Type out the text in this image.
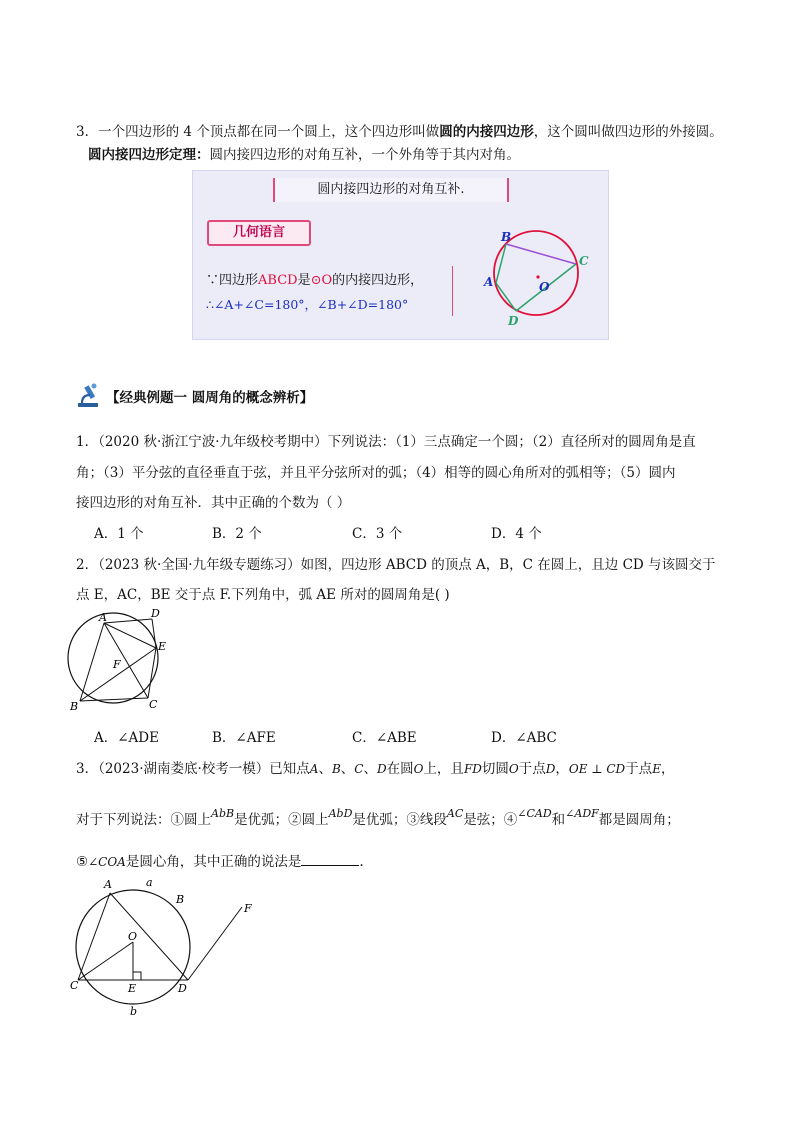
3．一个四边形的 4 个顶点都在同一个圆上，这个四边形叫做圆的内接四边形，这个圆叫做四边形的外接圆。
圆内接四边形定理：圆内接四边形的对角互补，一个外角等于其内对角。
圆内接四边形的对角互补.
几何语言
∵四边形ABCD是⊙O的内接四边形，
∴∠A+∠C=180°，∠B+∠D=180°
B
C
A
D
O
【经典例题一 圆周角的概念辨析】
1．（2020 秋·浙江宁波·九年级校考期中）下列说法：（1）三点确定一个圆；（2）直径所对的圆周角是直
角；（3）平分弦的直径垂直于弦，并且平分弦所对的弧；（4）相等的圆心角所对的弧相等；（5）圆内
接四边形的对角互补．其中正确的个数为（ ）
A．1 个	B．2 个	C．3 个	D．4 个
2．（2023 秋·全国·九年级专题练习）如图，四边形 ABCD 的顶点 A，B，C 在圆上，且边 CD 与该圆交于
点 E，AC，BE 交于点 F.下列角中，弧 AE 所对的圆周角是( )
A	D
E
F
B	C
A．∠ADE	B．∠AFE	C．∠ABE	D．∠ABC
3．（2023·湖南娄底·校考一模）已知点A、B、C、D在圆O上，且FD切圆O于点D，OE ⊥ CD于点E，
对于下列说法：①圆上$^{AbB}$是优弧；②圆上$^{AbD}$是优弧；③线段$^{AC}$是弦；④$^{\angle CAD}$和$^{\angle ADF}$都是圆周角；
⑤∠COA是圆心角，其中正确的说法是	.
A	a
B
F
O
C	E	D
b
